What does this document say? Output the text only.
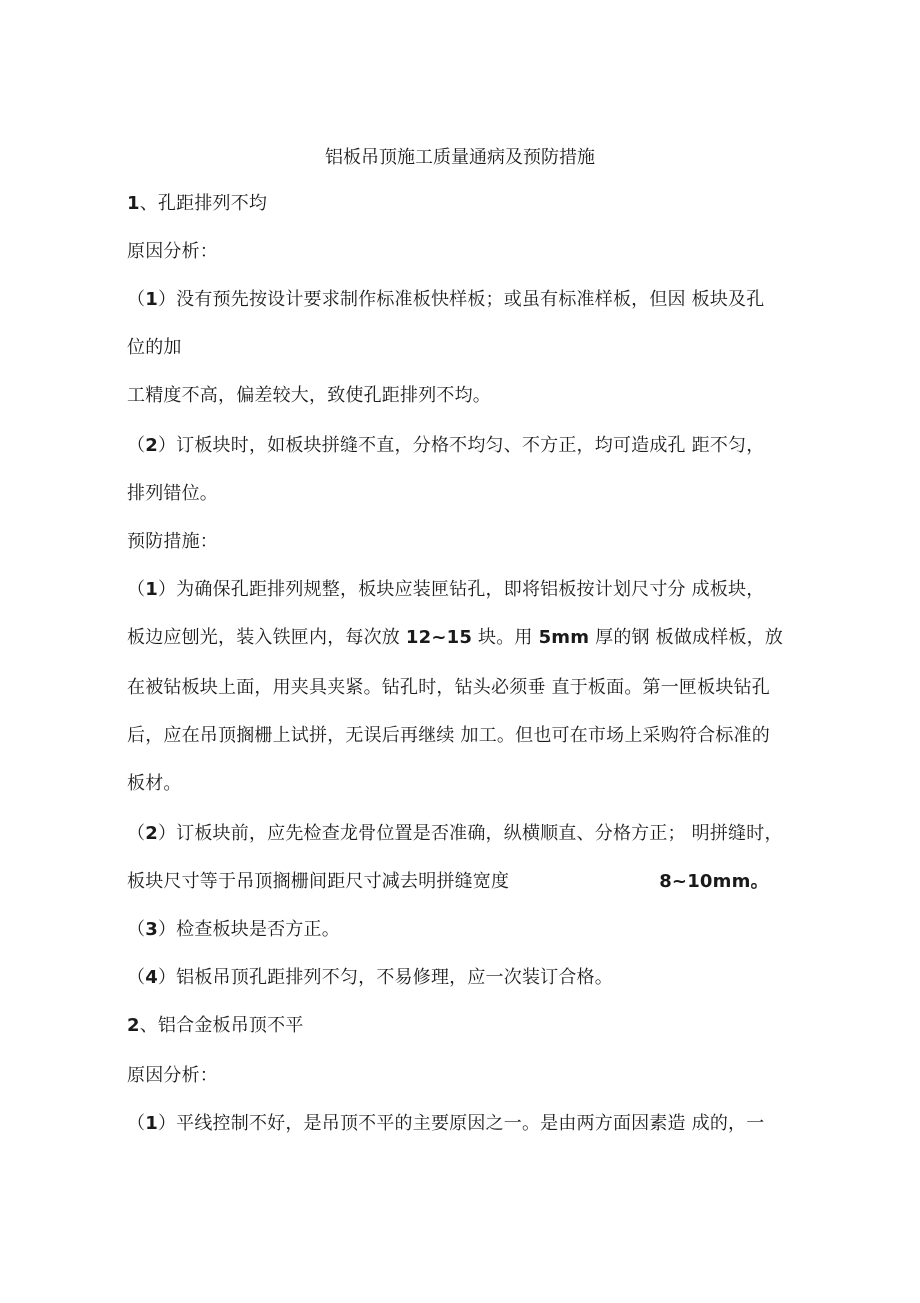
铝板吊顶施工质量通病及预防措施
1、孔距排列不均
原因分析：
（1）没有预先按设计要求制作标准板快样板；或虽有标准样板，但因 板块及孔
位的加
工精度不高，偏差较大，致使孔距排列不均。
（2）订板块时，如板块拼缝不直，分格不均匀、不方正，均可造成孔 距不匀，
排列错位。
预防措施：
（1）为确保孔距排列规整，板块应装匣钻孔，即将铝板按计划尺寸分 成板块，
板边应刨光，装入铁匣内，每次放 12~15 块。用 5mm 厚的钢 板做成样板，放
在被钻板块上面，用夹具夹紧。钻孔时，钻头必须垂 直于板面。第一匣板块钻孔
后，应在吊顶搁栅上试拼，无误后再继续 加工。但也可在市场上采购符合标准的
板材。
（2）订板块前，应先检查龙骨位置是否准确，纵横顺直、分格方正； 明拼缝时，
板块尺寸等于吊顶搁栅间距尺寸减去明拼缝宽度	8~10mm。
（3）检查板块是否方正。
（4）铝板吊顶孔距排列不匀，不易修理，应一次装订合格。
2、铝合金板吊顶不平
原因分析：
（1）平线控制不好，是吊顶不平的主要原因之一。是由两方面因素造 成的，一
